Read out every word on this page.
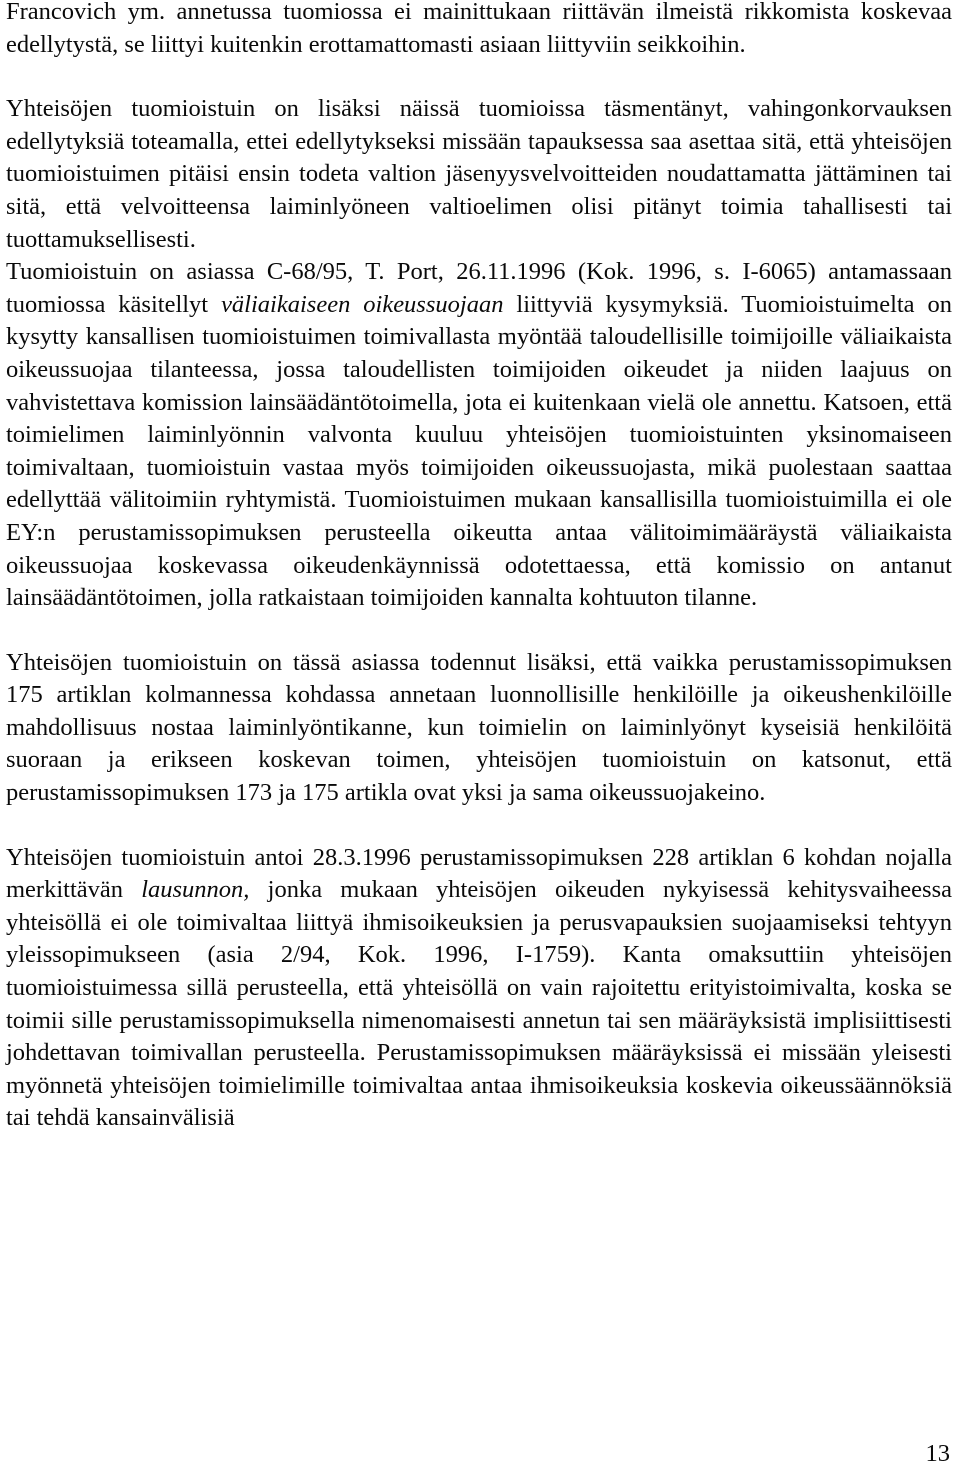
Francovich ym. annetussa tuomiossa ei mainittukaan riittävän ilmeistä rikkomista koskevaa edellytystä, se liittyi kuitenkin erottamattomasti asiaan liittyviin seikkoihin.

Yhteisöjen tuomioistuin on lisäksi näissä tuomioissa täsmentänyt, vahingonkorvauksen edellytyksiä toteamalla, ettei edellytykseksi missään tapauksessa saa asettaa sitä, että yhteisöjen tuomioistuimen pitäisi ensin todeta valtion jäsenyysvelvoitteiden noudattamatta jättäminen tai sitä, että velvoitteensa laiminlyöneen valtioelimen olisi pitänyt toimia tahallisesti tai tuottamuksellisesti.

Tuomioistuin on asiassa C-68/95, T. Port, 26.11.1996 (Kok. 1996, s. I-6065) antamassaan tuomiossa käsitellyt väliaikaiseen oikeussuojaan liittyviä kysymyksiä. Tuomioistuimelta on kysytty kansallisen tuomioistuimen toimivallasta myöntää taloudellisille toimijoille väliaikaista oikeussuojaa tilanteessa, jossa taloudellisten toimijoiden oikeudet ja niiden laajuus on vahvistettava komission lainsäädäntötoimella, jota ei kuitenkaan vielä ole annettu. Katsoen, että toimielimen laiminlyönnin valvonta kuuluu yhteisöjen tuomioistuinten yksinomaiseen toimivaltaan, tuomioistuin vastaa myös toimijoiden oikeussuojasta, mikä puolestaan saattaa edellyttää välitoimiin ryhtymistä. Tuomioistuimen mukaan kansallisilla tuomioistuimilla ei ole EY:n perustamissopimuksen perusteella oikeutta antaa välitoimimääräystä väliaikaista oikeussuojaa koskevassa oikeudenkäynnissä odotettaessa, että komissio on antanut lainsäädäntötoimen, jolla ratkaistaan toimijoiden kannalta kohtuuton tilanne.

Yhteisöjen tuomioistuin on tässä asiassa todennut lisäksi, että vaikka perustamissopimuksen 175 artiklan kolmannessa kohdassa annetaan luonnollisille henkilöille ja oikeushenkilöille mahdollisuus nostaa laiminlyöntikanne, kun toimielin on laiminlyönyt kyseisiä henkilöitä suoraan ja erikseen koskevan toimen, yhteisöjen tuomioistuin on katsonut, että perustamissopimuksen 173 ja 175 artikla ovat yksi ja sama oikeussuojakeino.

Yhteisöjen tuomioistuin antoi 28.3.1996 perustamissopimuksen 228 artiklan 6 kohdan nojalla merkittävän lausunnon, jonka mukaan yhteisöjen oikeuden nykyisessä kehitysvaiheessa yhteisöllä ei ole toimivaltaa liittyä ihmisoikeuksien ja perusvapauksien suojaamiseksi tehtyyn yleissopimukseen (asia 2/94, Kok. 1996, I-1759). Kanta omaksuttiin yhteisöjen tuomioistuimessa sillä perusteella, että yhteisöllä on vain rajoitettu erityistoimivalta, koska se toimii sille perustamissopimuksella nimenomaisesti annetun tai sen määräyksistä implisiittisesti johdettavan toimivallan perusteella. Perustamissopimuksen määräyksissä ei missään yleisesti myönnetä yhteisöjen toimielimille toimivaltaa antaa ihmisoikeuksia koskevia oikeussäännöksiä tai tehdä kansainvälisiä

13
